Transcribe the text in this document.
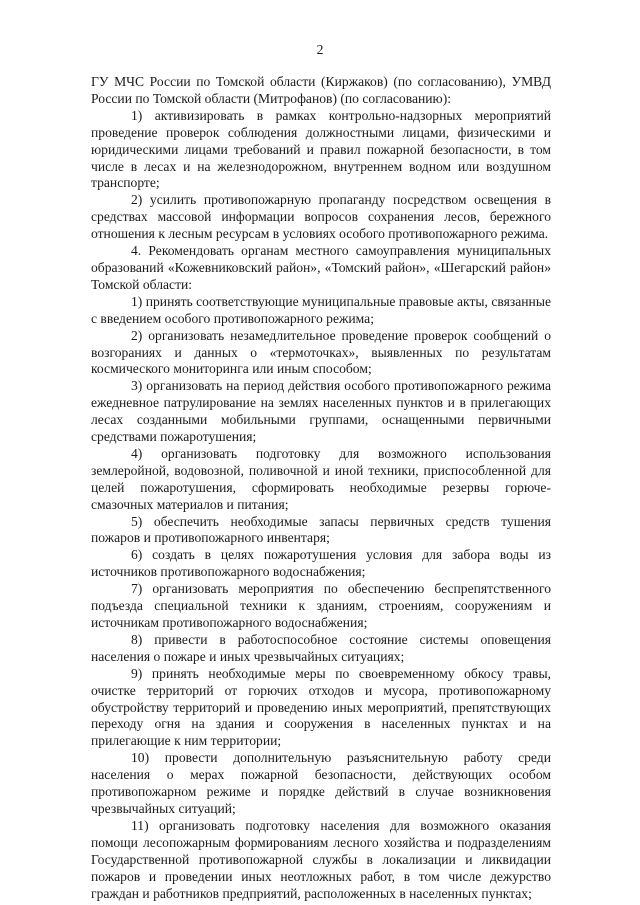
2

ГУ МЧС России по Томской области (Киржаков) (по согласованию), УМВД России по Томской области (Митрофанов) (по согласованию):

1) активизировать в рамках контрольно-надзорных мероприятий проведение проверок соблюдения должностными лицами, физическими и юридическими лицами требований и правил пожарной безопасности, в том числе в лесах и на железнодорожном, внутреннем водном или воздушном транспорте;

2) усилить противопожарную пропаганду посредством освещения в средствах массовой информации вопросов сохранения лесов, бережного отношения к лесным ресурсам в условиях особого противопожарного режима.

4. Рекомендовать органам местного самоуправления муниципальных образований «Кожевниковский район», «Томский район», «Шегарский район» Томской области:

1) принять соответствующие муниципальные правовые акты, связанные с введением особого противопожарного режима;

2) организовать незамедлительное проведение проверок сообщений о возгораниях и данных о «термоточках», выявленных по результатам космического мониторинга или иным способом;

3) организовать на период действия особого противопожарного режима ежедневное патрулирование на землях населенных пунктов и в прилегающих лесах созданными мобильными группами, оснащенными первичными средствами пожаротушения;

4) организовать подготовку для возможного использования землеройной, водовозной, поливочной и иной техники, приспособленной для целей пожаротушения, сформировать необходимые резервы горюче-смазочных материалов и питания;

5) обеспечить необходимые запасы первичных средств тушения пожаров и противопожарного инвентаря;

6) создать в целях пожаротушения условия для забора воды из источников противопожарного водоснабжения;

7) организовать мероприятия по обеспечению беспрепятственного подъезда специальной техники к зданиям, строениям, сооружениям и источникам противопожарного водоснабжения;

8) привести в работоспособное состояние системы оповещения населения о пожаре и иных чрезвычайных ситуациях;

9) принять необходимые меры по своевременному обкосу травы, очистке территорий от горючих отходов и мусора, противопожарному обустройству территорий и проведению иных мероприятий, препятствующих переходу огня на здания и сооружения в населенных пунктах и на прилегающие к ним территории;

10) провести дополнительную разъяснительную работу среди населения о мерах пожарной безопасности, действующих особом противопожарном режиме и порядке действий в случае возникновения чрезвычайных ситуаций;

11) организовать подготовку населения для возможного оказания помощи лесопожарным формированиям лесного хозяйства и подразделениям Государственной противопожарной службы в локализации и ликвидации пожаров и проведении иных неотложных работ, в том числе дежурство граждан и работников предприятий, расположенных в населенных пунктах;
